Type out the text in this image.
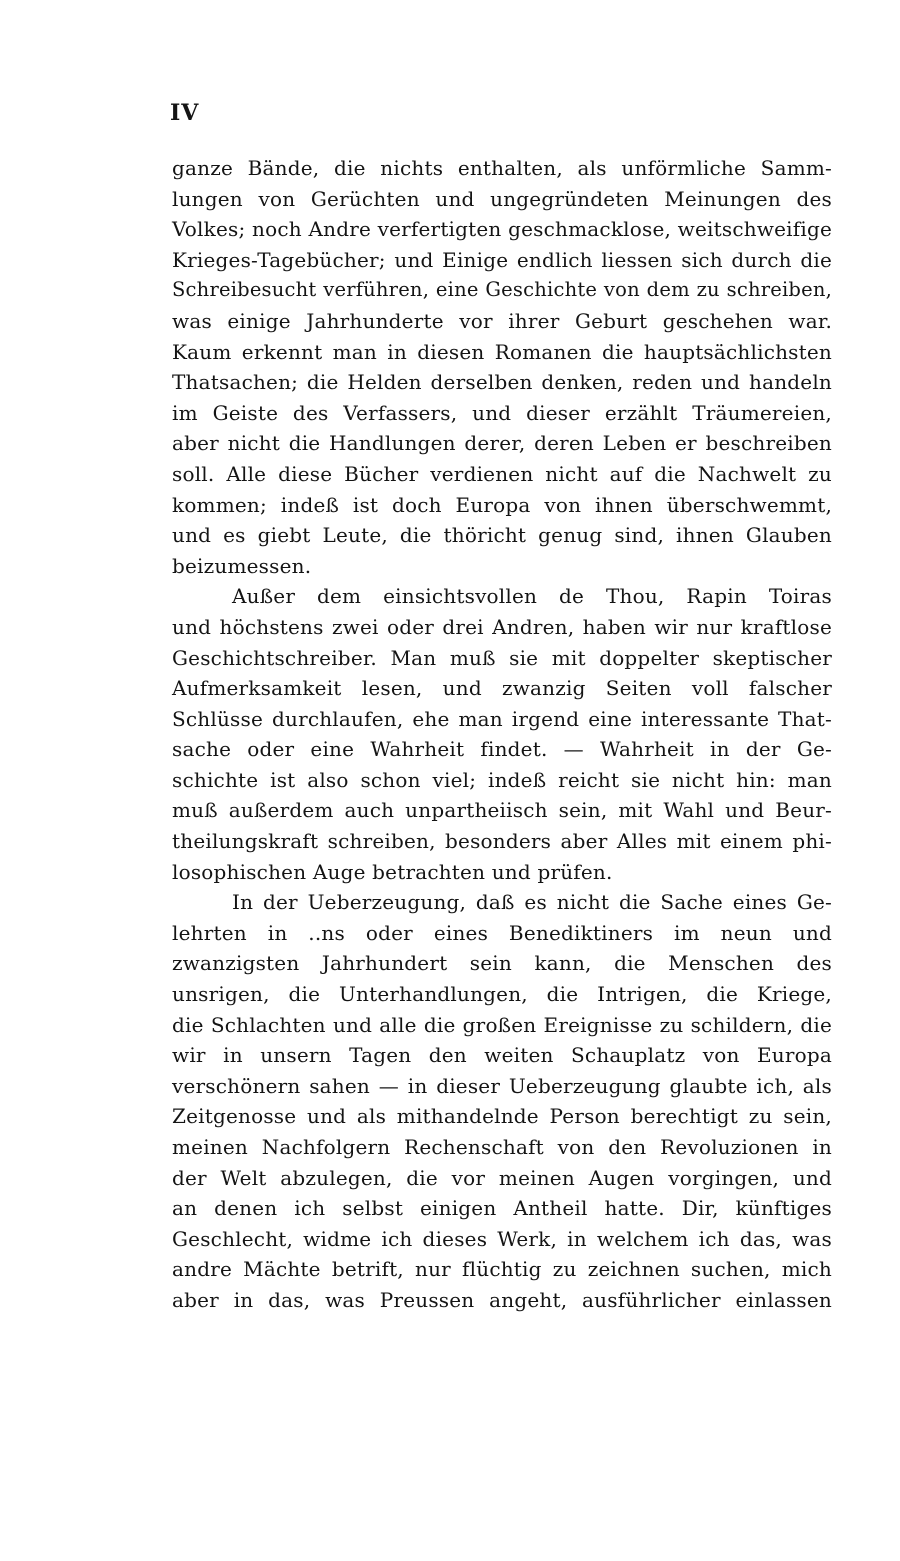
IV
ganze Bände, die nichts enthalten, als unförmliche Samm-
lungen von Gerüchten und ungegründeten Meinungen des
Volkes; noch Andre verfertigten geschmacklose, weitschweifige
Krieges-Tagebücher; und Einige endlich liessen sich durch die
Schreibesucht verführen, eine Geschichte von dem zu schreiben,
was einige Jahrhunderte vor ihrer Geburt geschehen war.
Kaum erkennt man in diesen Romanen die hauptsächlichsten
Thatsachen; die Helden derselben denken, reden und handeln
im Geiste des Verfassers, und dieser erzählt Träumereien,
aber nicht die Handlungen derer, deren Leben er beschreiben
soll. Alle diese Bücher verdienen nicht auf die Nachwelt zu
kommen; indeß ist doch Europa von ihnen überschwemmt,
und es giebt Leute, die thöricht genug sind, ihnen Glauben
beizumessen.
Außer dem einsichtsvollen de Thou, Rapin Toiras
und höchstens zwei oder drei Andren, haben wir nur kraftlose
Geschichtschreiber. Man muß sie mit doppelter skeptischer
Aufmerksamkeit lesen, und zwanzig Seiten voll falscher
Schlüsse durchlaufen, ehe man irgend eine interessante That-
sache oder eine Wahrheit findet. — Wahrheit in der Ge-
schichte ist also schon viel; indeß reicht sie nicht hin: man
muß außerdem auch unpartheiisch sein, mit Wahl und Beur-
theilungskraft schreiben, besonders aber Alles mit einem phi-
losophischen Auge betrachten und prüfen.
In der Ueberzeugung, daß es nicht die Sache eines Ge-
lehrten in ..ns oder eines Benediktiners im neun und
zwanzigsten Jahrhundert sein kann, die Menschen des
unsrigen, die Unterhandlungen, die Intrigen, die Kriege,
die Schlachten und alle die großen Ereignisse zu schildern, die
wir in unsern Tagen den weiten Schauplatz von Europa
verschönern sahen — in dieser Ueberzeugung glaubte ich, als
Zeitgenosse und als mithandelnde Person berechtigt zu sein,
meinen Nachfolgern Rechenschaft von den Revoluzionen in
der Welt abzulegen, die vor meinen Augen vorgingen, und
an denen ich selbst einigen Antheil hatte. Dir, künftiges
Geschlecht, widme ich dieses Werk, in welchem ich das, was
andre Mächte betrift, nur flüchtig zu zeichnen suchen, mich
aber in das, was Preussen angeht, ausführlicher einlassen
